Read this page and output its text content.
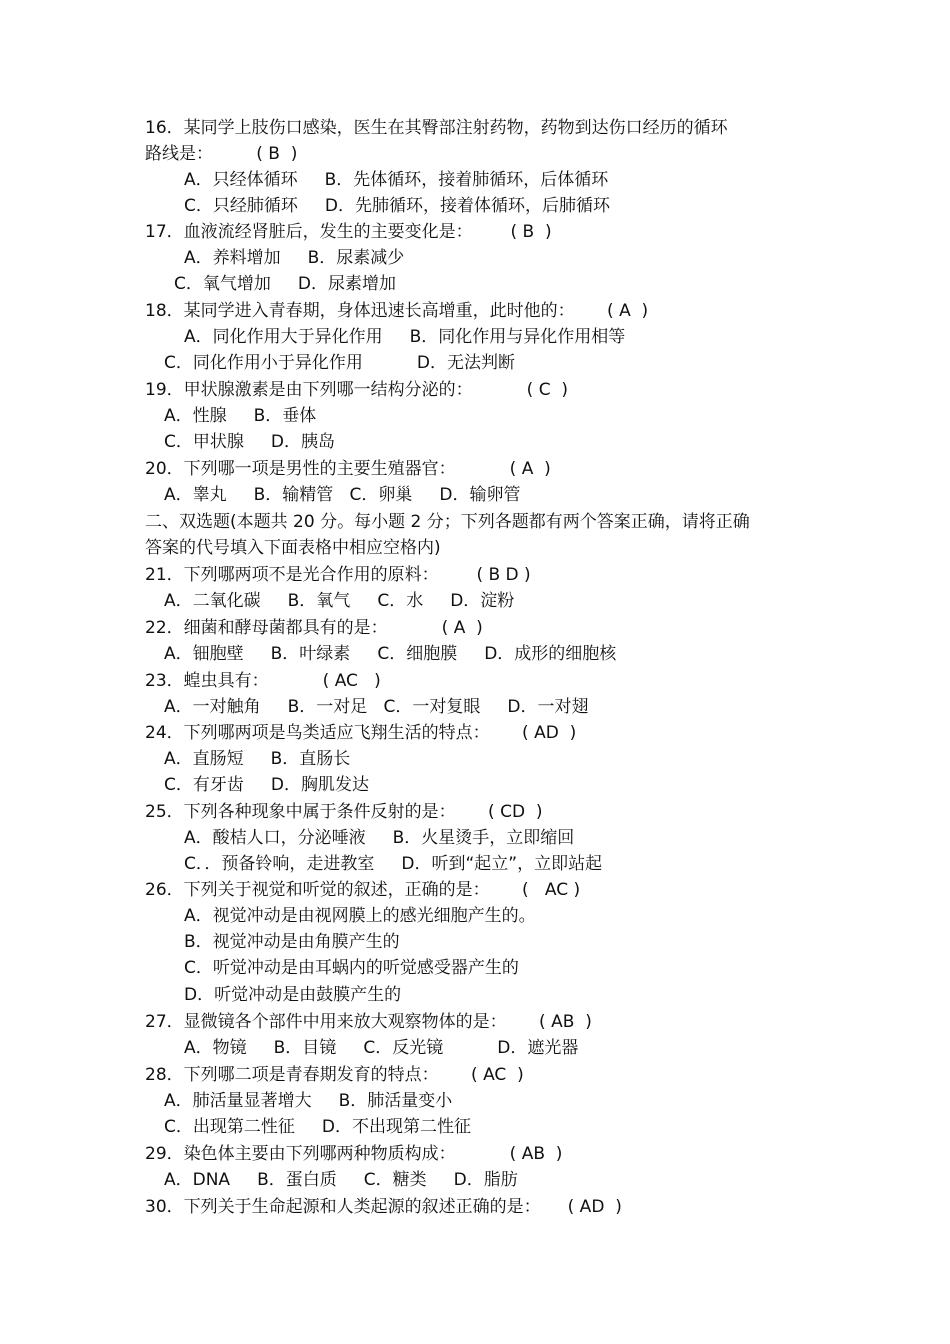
16．某同学上肢伤口感染，医生在其臀部注射药物，药物到达伤口经历的循环
路线是：        ( B  )
A．只经体循环     B．先体循环，接着肺循环，后体循环
C．只经肺循环     D．先肺循环，接着体循环，后肺循环
17．血液流经肾脏后，发生的主要变化是：       ( B  )
A．养料增加     B．尿素减少
C．氧气增加     D．尿素增加
18．某同学进入青春期，身体迅速长高增重，此时他的：      ( A  )
A．同化作用大于异化作用     B．同化作用与异化作用相等
C．同化作用小于异化作用          D．无法判断
19．甲状腺激素是由下列哪一结构分泌的：          ( C  )
A．性腺     B．垂体
C．甲状腺     D．胰岛
20．下列哪一项是男性的主要生殖器官：          ( A  )
A．睾丸     B．输精管   C．卵巢     D．输卵管
二、双选题(本题共 20 分。每小题 2 分；下列各题都有两个答案正确，请将正确
答案的代号填入下面表格中相应空格内)
21．下列哪两项不是光合作用的原料：       ( B D )
A．二氧化碳     B．氧气     C．水     D．淀粉
22．细菌和酵母菌都具有的是：          ( A  )
A．钿胞壁     B．叶绿素     C．细胞膜     D．成形的细胞核
23．蝗虫具有：          ( AC   )
A．一对触角     B．一对足   C．一对复眼     D．一对翅
24．下列哪两项是鸟类适应飞翔生活的特点：      ( AD  )
A．直肠短     B．直肠长
C．有牙齿     D．胸肌发达
25．下列各种现象中属于条件反射的是：      ( CD  )
A．酸桔人口，分泌唾液     B．火星烫手，立即缩回
C．．预备铃响，走进教室     D．听到“起立”，立即站起
26．下列关于视觉和听觉的叙述，正确的是：      (   AC )
A．视觉冲动是由视网膜上的感光细胞产生的。
B．视觉冲动是由角膜产生的
C．听觉冲动是由耳蜗内的听觉感受器产生的
D．听觉冲动是由鼓膜产生的
27．显微镜各个部件中用来放大观察物体的是：      ( AB  )
A．物镜     B．目镜     C．反光镜          D．遮光器
28．下列哪二项是青春期发育的特点：      ( AC  )
A．肺活量显著增大     B．肺活量变小
C．出现第二性征     D．不出现第二性征
29．染色体主要由下列哪两种物质构成：          ( AB  )
A．DNA     B．蛋白质     C．糖类     D．脂肪
30．下列关于生命起源和人类起源的叙述正确的是：     ( AD  )
